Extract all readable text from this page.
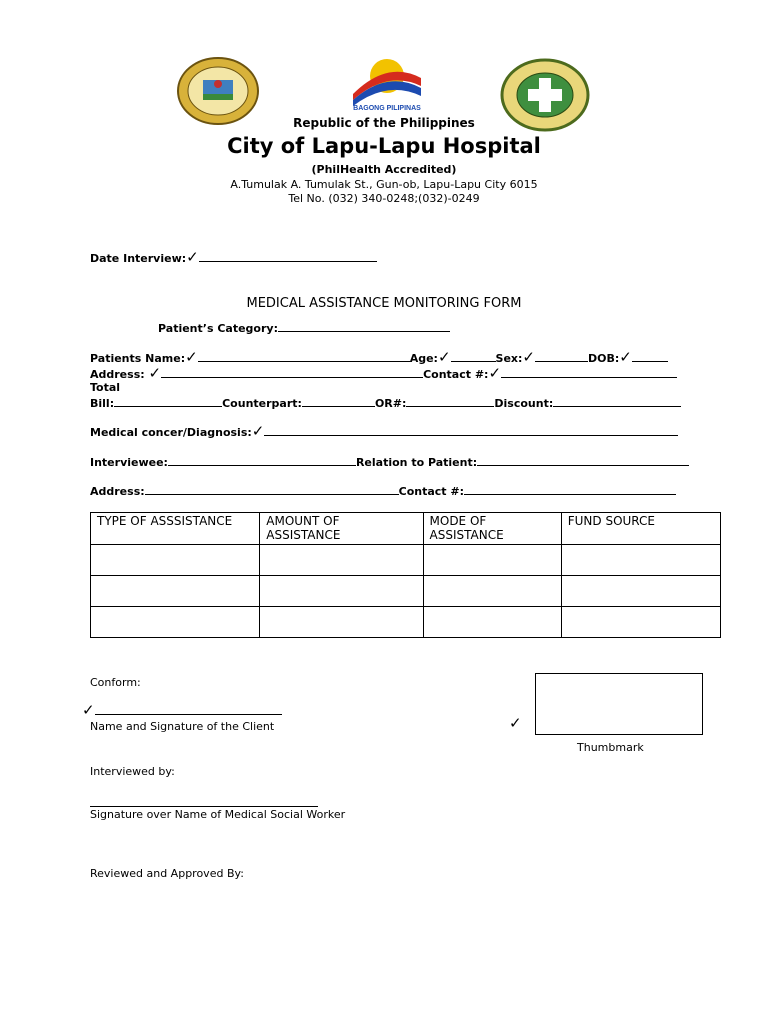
BAGONG PILIPINAS
Republic of the Philippines
City of Lapu-Lapu Hospital
(PhilHealth Accredited)
A.Tumulak A. Tumulak St., Gun-ob, Lapu-Lapu City 6015
Tel No. (032) 340-0248;(032)-0249
Date Interview:✓
MEDICAL ASSISTANCE MONITORING FORM
Patient’s Category:
Patients Name:✓	Age:✓	Sex:✓	DOB:✓
Address: ✓	Contact #:✓
Total
Bill:	Counterpart:	OR#:	Discount:
Medical concer/Diagnosis:✓
Interviewee:	Relation to Patient:
Address:	Contact #:
TYPE OF ASSSISTANCE	AMOUNT OF ASSISTANCE	MODE OF ASSISTANCE	FUND SOURCE

Conform:
✓
Name and Signature of the Client	✓
Thumbmark
Interviewed by:
Signature over Name of Medical Social Worker
Reviewed and Approved By:
